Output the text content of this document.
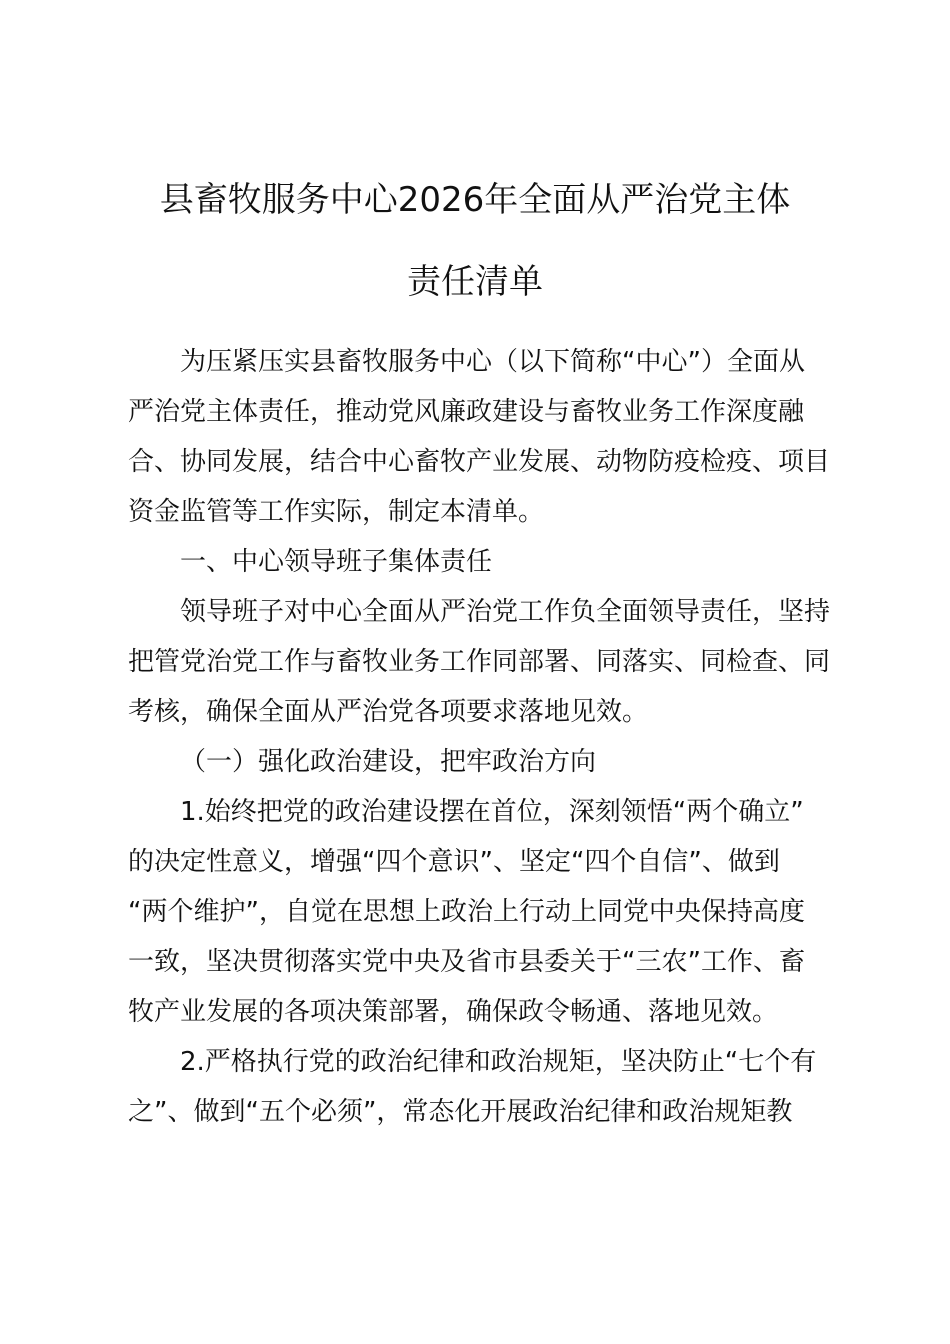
县畜牧服务中心2026年全面从严治党主体
责任清单
为压紧压实县畜牧服务中心（以下简称“中心”）全面从
严治党主体责任，推动党风廉政建设与畜牧业务工作深度融
合、协同发展，结合中心畜牧产业发展、动物防疫检疫、项目
资金监管等工作实际，制定本清单。
一、中心领导班子集体责任
领导班子对中心全面从严治党工作负全面领导责任，坚持
把管党治党工作与畜牧业务工作同部署、同落实、同检查、同
考核，确保全面从严治党各项要求落地见效。
（一）强化政治建设，把牢政治方向
1.始终把党的政治建设摆在首位，深刻领悟“两个确立”
的决定性意义，增强“四个意识”、坚定“四个自信”、做到
“两个维护”，自觉在思想上政治上行动上同党中央保持高度
一致，坚决贯彻落实党中央及省市县委关于“三农”工作、畜
牧产业发展的各项决策部署，确保政令畅通、落地见效。
2.严格执行党的政治纪律和政治规矩，坚决防止“七个有
之”、做到“五个必须”，常态化开展政治纪律和政治规矩教
